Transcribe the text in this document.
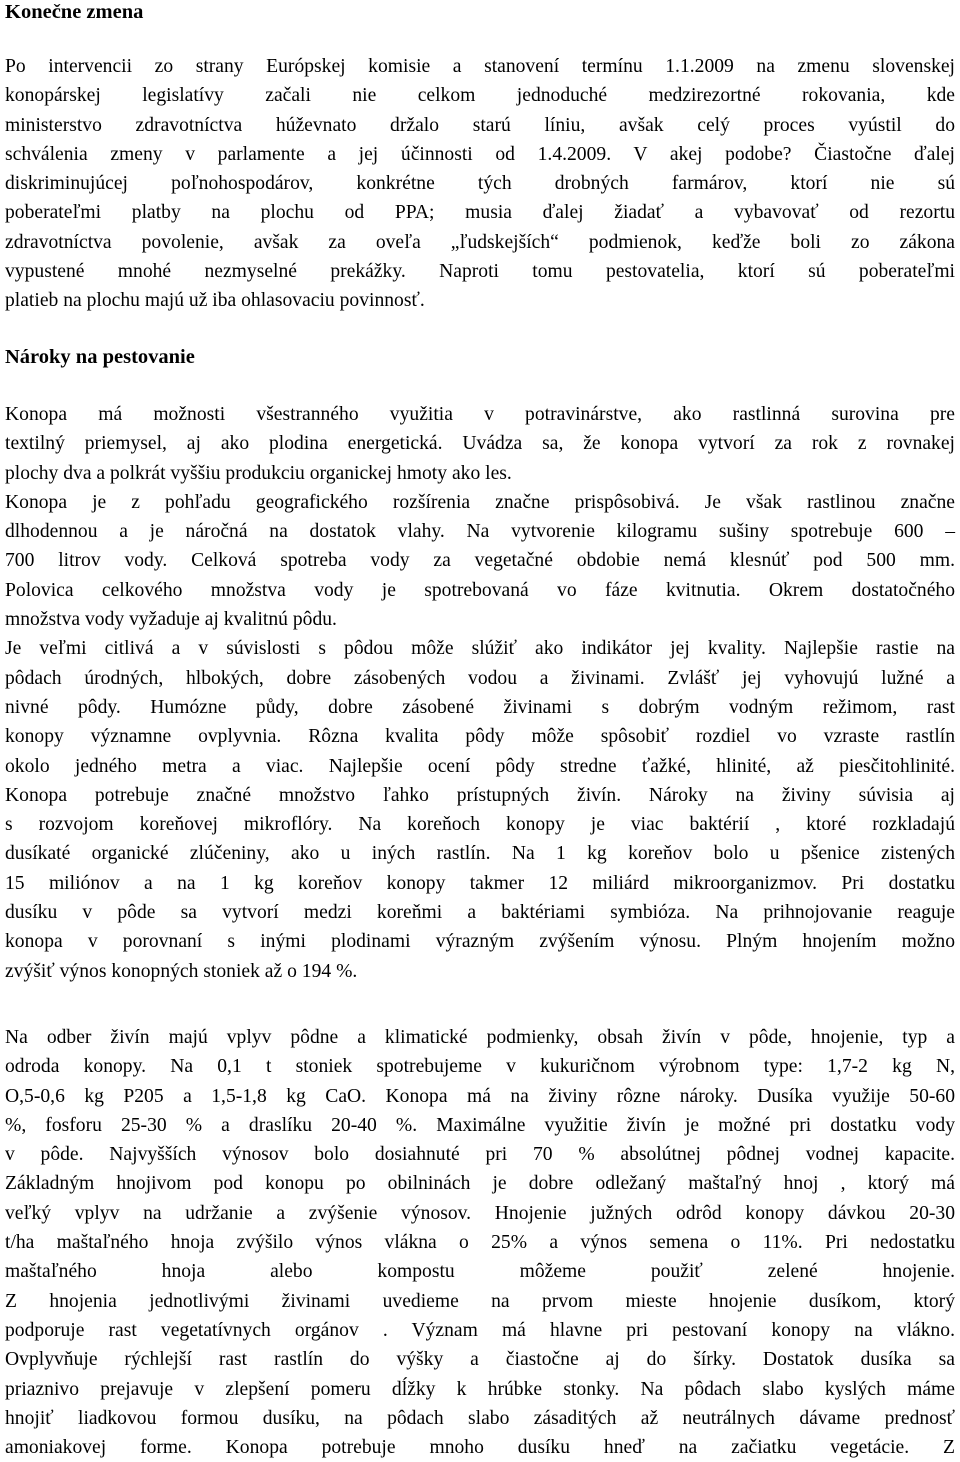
Konečne zmena
Po intervencii zo strany Európskej komisie a stanovení termínu 1.1.2009 na zmenu slovenskej
konopárskej legislatívy začali nie celkom jednoduché medzirezortné rokovania, kde
ministerstvo zdravotníctva húževnato držalo starú líniu, avšak celý proces vyústil do
schválenia zmeny v parlamente a jej účinnosti od 1.4.2009. V akej podobe? Čiastočne ďalej
diskriminujúcej poľnohospodárov, konkrétne tých drobných farmárov, ktorí nie sú
poberateľmi platby na plochu od PPA; musia ďalej žiadať a vybavovať od rezortu
zdravotníctva povolenie, avšak za oveľa „ľudskejších“ podmienok, keďže boli zo zákona
vypustené mnohé nezmyselné prekážky. Naproti tomu pestovatelia, ktorí sú poberateľmi
platieb na plochu majú už iba ohlasovaciu povinnosť.
Nároky na pestovanie
Konopa má možnosti všestranného využitia v potravinárstve, ako rastlinná surovina pre
textilný priemysel, aj ako plodina energetická. Uvádza sa, že konopa vytvorí za rok z rovnakej
plochy dva a polkrát vyššiu produkciu organickej hmoty ako les.
Konopa je z pohľadu geografického rozšírenia značne prispôsobivá. Je však rastlinou značne
dlhodennou a je náročná na dostatok vlahy. Na vytvorenie kilogramu sušiny spotrebuje 600 –
700 litrov vody. Celková spotreba vody za vegetačné obdobie nemá klesnúť pod 500 mm.
Polovica celkového množstva vody je spotrebovaná vo fáze kvitnutia. Okrem dostatočného
množstva vody vyžaduje aj kvalitnú pôdu.
Je veľmi citlivá a v súvislosti s pôdou môže slúžiť ako indikátor jej kvality. Najlepšie rastie na
pôdach úrodných, hlbokých, dobre zásobených vodou a živinami. Zvlášť jej vyhovujú lužné a
nivné pôdy. Humózne půdy, dobre zásobené živinami s dobrým vodným režimom, rast
konopy významne ovplyvnia. Rôzna kvalita pôdy môže spôsobiť rozdiel vo vzraste rastlín
okolo jedného metra a viac. Najlepšie ocení pôdy stredne ťažké, hlinité, až piesčitohlinité.
Konopa potrebuje značné množstvo ľahko prístupných živín. Nároky na živiny súvisia aj
s rozvojom koreňovej mikroflóry. Na koreňoch konopy je viac baktérií , ktoré rozkladajú
dusíkaté organické zlúčeniny, ako u iných rastlín. Na 1 kg koreňov bolo u pšenice zistených
15 miliónov a na 1 kg koreňov konopy takmer 12 miliárd mikroorganizmov. Pri dostatku
dusíku v pôde sa vytvorí medzi koreňmi a baktériami symbióza. Na prihnojovanie reaguje
konopa v porovnaní s inými plodinami výrazným zvýšením výnosu. Plným hnojením možno
zvýšiť výnos konopných stoniek až o 194 %.
Na odber živín majú vplyv pôdne a klimatické podmienky, obsah živín v pôde, hnojenie, typ a
odroda konopy. Na 0,1 t stoniek spotrebujeme v kukuričnom výrobnom type: 1,7-2 kg N,
O,5-0,6 kg P205 a 1,5-1,8 kg CaO. Konopa má na živiny rôzne nároky. Dusíka využije 50-60
%, fosforu 25-30 % a draslíku 20-40 %. Maximálne využitie živín je možné pri dostatku vody
v pôde. Najvyšších výnosov bolo dosiahnuté pri 70 % absolútnej pôdnej vodnej kapacite.
Základným hnojivom pod konopu po obilninách je dobre odležaný maštaľný hnoj , ktorý má
veľký vplyv na udržanie a zvýšenie výnosov. Hnojenie južných odrôd konopy dávkou 20-30
t/ha maštaľného hnoja zvýšilo výnos vlákna o 25% a výnos semena o 11%. Pri nedostatku
maštaľného hnoja alebo kompostu môžeme použiť zelené hnojenie.
Z hnojenia jednotlivými živinami uvedieme na prvom mieste hnojenie dusíkom, ktorý
podporuje rast vegetatívnych orgánov . Význam má hlavne pri pestovaní konopy na vlákno.
Ovplyvňuje rýchlejší rast rastlín do výšky a čiastočne aj do šírky. Dostatok dusíka sa
priaznivo prejavuje v zlepšení pomeru dĺžky k hrúbke stonky. Na pôdach slabo kyslých máme
hnojiť liadkovou formou dusíku, na pôdach slabo zásaditých až neutrálnych dávame prednosť
amoniakovej forme. Konopa potrebuje mnoho dusíku hneď na začiatku vegetácie. Z
